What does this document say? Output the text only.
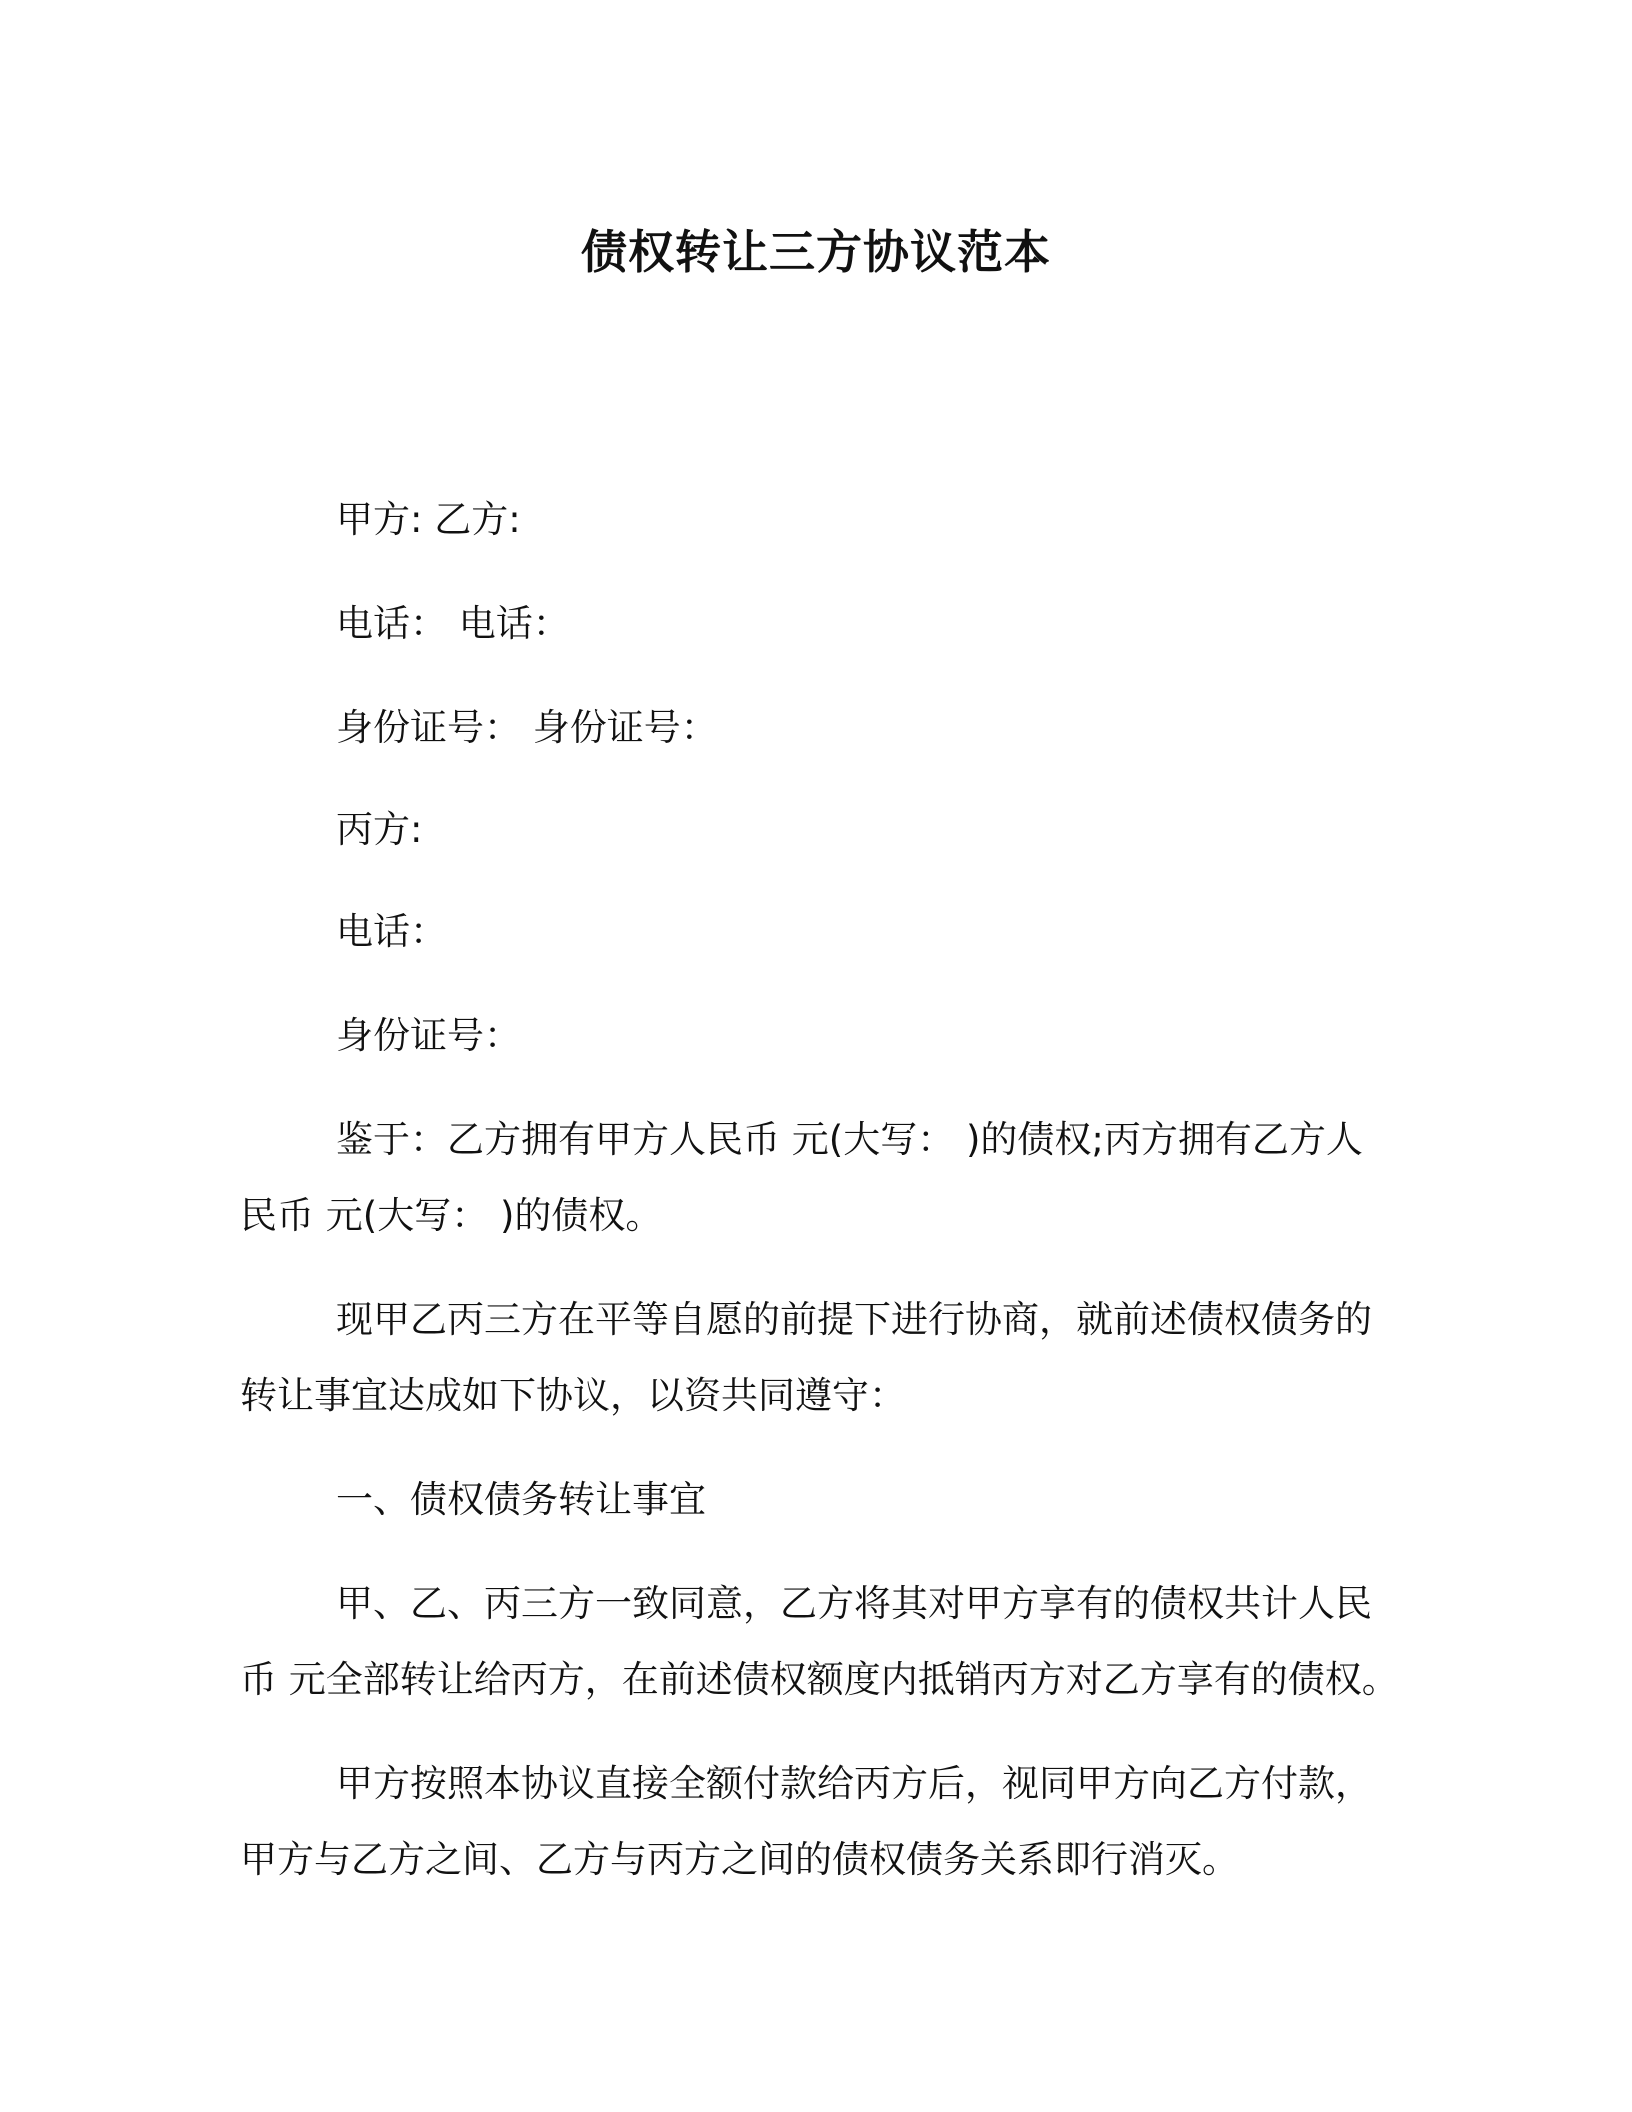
债权转让三方协议范本
甲方: 乙方:
电话： 电话：
身份证号： 身份证号：
丙方:
电话：
身份证号：
鉴于：乙方拥有甲方人民币 元(大写： )的债权;丙方拥有乙方人
民币 元(大写： )的债权。
现甲乙丙三方在平等自愿的前提下进行协商，就前述债权债务的
转让事宜达成如下协议，以资共同遵守：
一、债权债务转让事宜
甲、乙、丙三方一致同意，乙方将其对甲方享有的债权共计人民
币 元全部转让给丙方，在前述债权额度内抵销丙方对乙方享有的债权。
甲方按照本协议直接全额付款给丙方后，视同甲方向乙方付款，
甲方与乙方之间、乙方与丙方之间的债权债务关系即行消灭。
